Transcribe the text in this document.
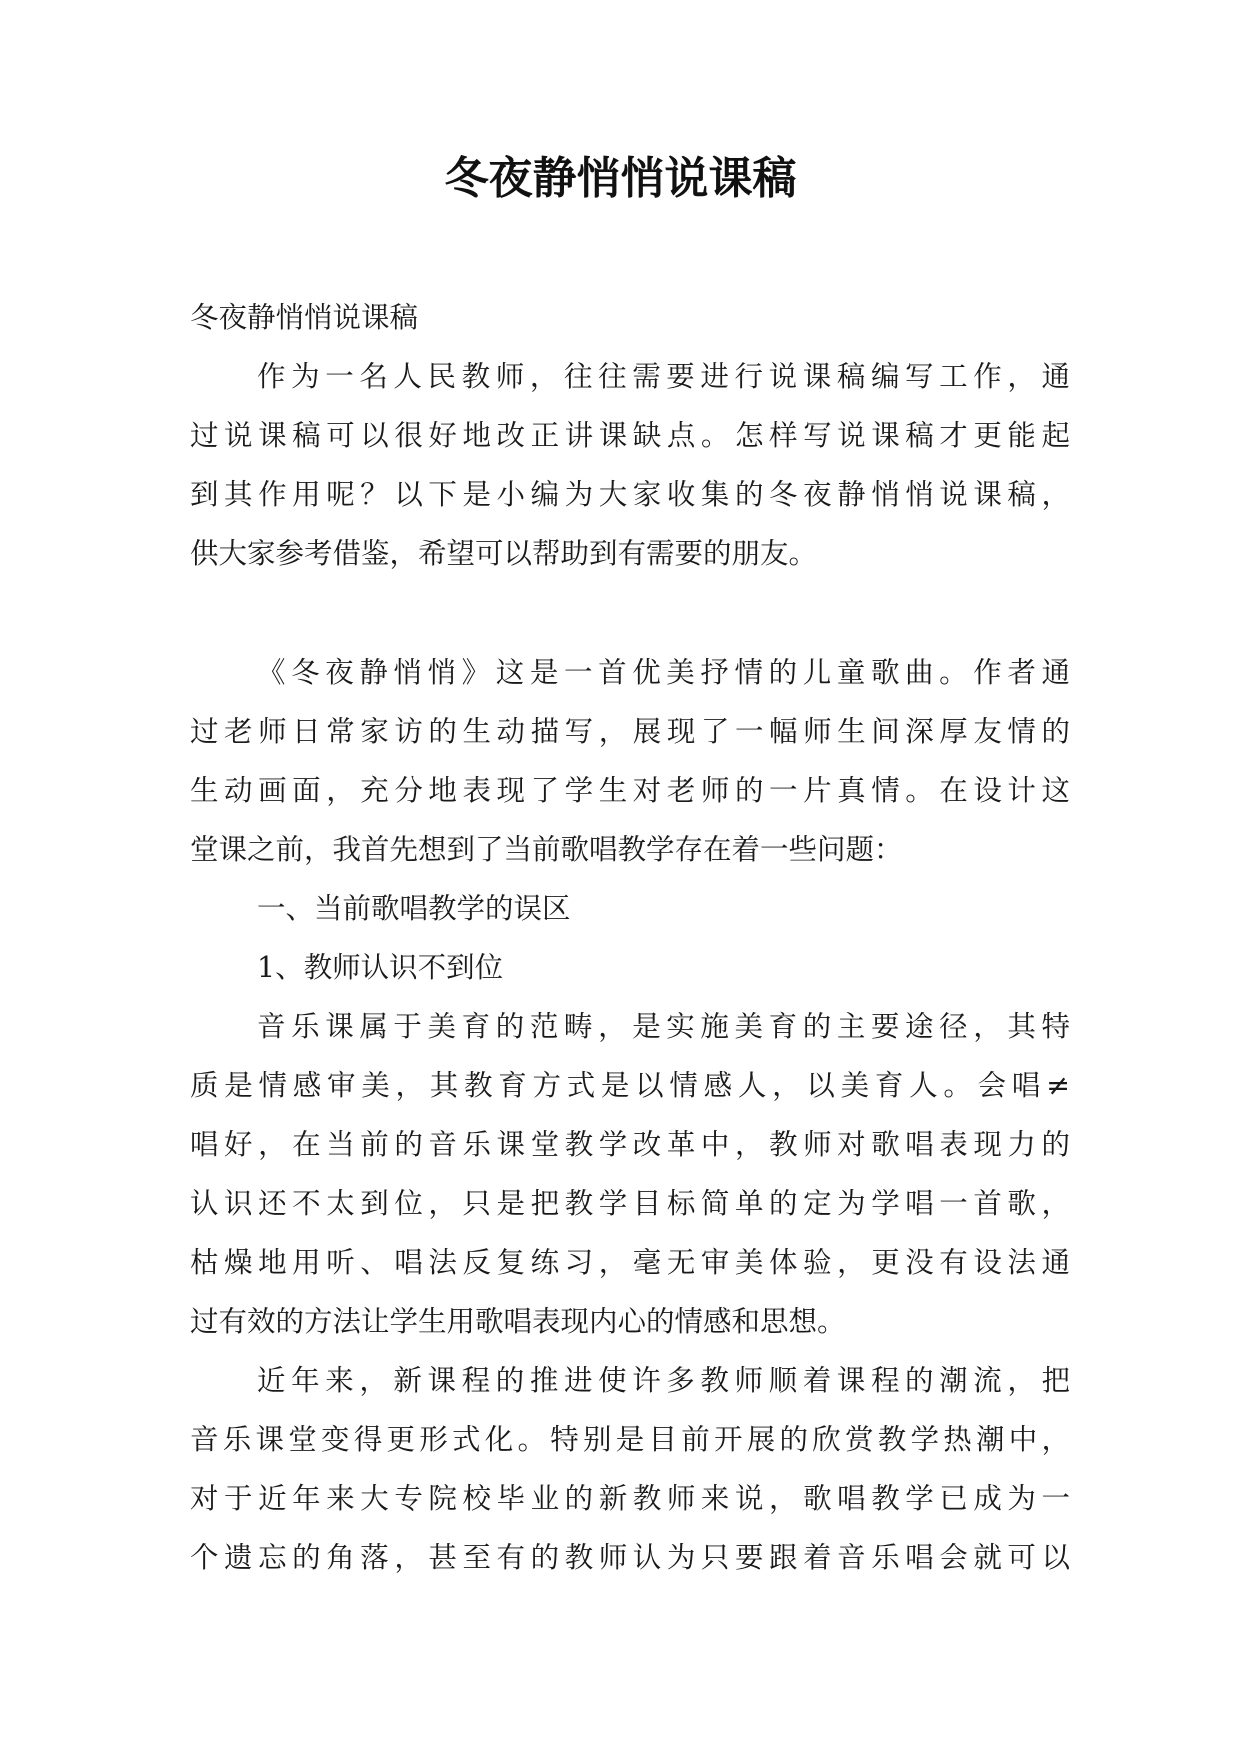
冬夜静悄悄说课稿
冬夜静悄悄说课稿
作为一名人民教师，往往需要进行说课稿编写工作，通
过说课稿可以很好地改正讲课缺点。怎样写说课稿才更能起
到其作用呢？以下是小编为大家收集的冬夜静悄悄说课稿，
供大家参考借鉴，希望可以帮助到有需要的朋友。
《冬夜静悄悄》这是一首优美抒情的儿童歌曲。作者通
过老师日常家访的生动描写，展现了一幅师生间深厚友情的
生动画面，充分地表现了学生对老师的一片真情。在设计这
堂课之前，我首先想到了当前歌唱教学存在着一些问题：
一、当前歌唱教学的误区
1、教师认识不到位
音乐课属于美育的范畴，是实施美育的主要途径，其特
质是情感审美，其教育方式是以情感人，以美育人。会唱≠
唱好，在当前的音乐课堂教学改革中，教师对歌唱表现力的
认识还不太到位，只是把教学目标简单的定为学唱一首歌，
枯燥地用听、唱法反复练习，毫无审美体验，更没有设法通
过有效的方法让学生用歌唱表现内心的情感和思想。
近年来，新课程的推进使许多教师顺着课程的潮流，把
音乐课堂变得更形式化。特别是目前开展的欣赏教学热潮中，
对于近年来大专院校毕业的新教师来说，歌唱教学已成为一
个遗忘的角落，甚至有的教师认为只要跟着音乐唱会就可以
